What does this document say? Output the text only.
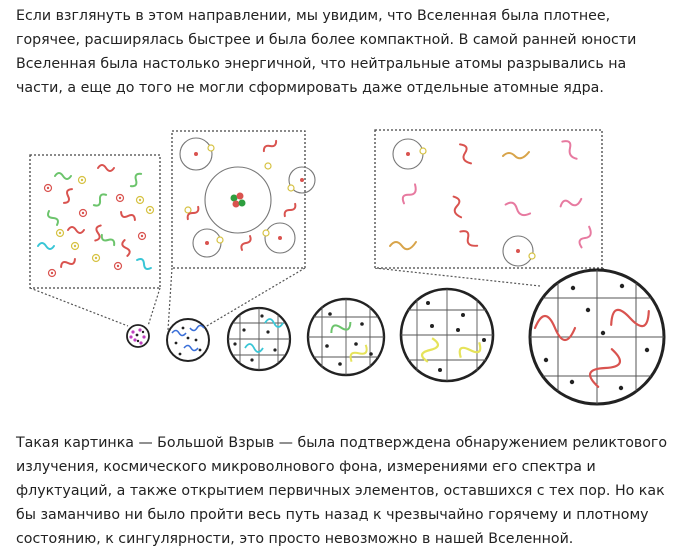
Если взглянуть в этом направлении, мы увидим, что Вселенная была плотнее, горячее, расширялась быстрее и была более компактной. В самой ранней юности Вселенная была настолько энергичной, что нейтральные атомы разрывались на части, а еще до того не могли сформировать даже отдельные атомные ядра.

Такая картинка — Большой Взрыв — была подтверждена обнаружением реликтового излучения, космического микроволнового фона, измерениями его спектра и флуктуаций, а также открытием первичных элементов, оставшихся с тех пор. Но как бы заманчиво ни было пройти весь путь назад к чрезвычайно горячему и плотному состоянию, к сингулярности, это просто невозможно в нашей Вселенной.
